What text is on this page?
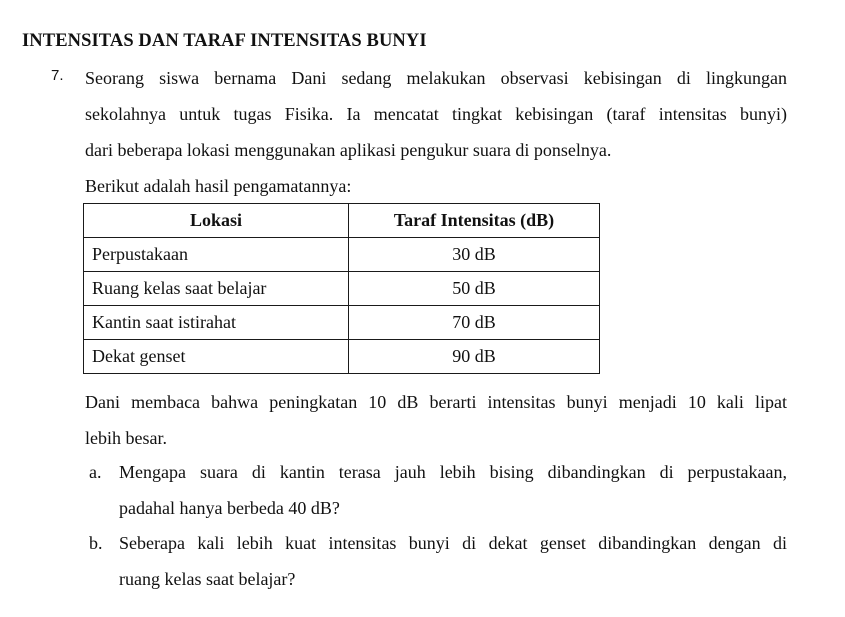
INTENSITAS DAN TARAF INTENSITAS BUNYI
7. Seorang siswa bernama Dani sedang melakukan observasi kebisingan di lingkungan
sekolahnya untuk tugas Fisika. Ia mencatat tingkat kebisingan (taraf intensitas bunyi)
dari beberapa lokasi menggunakan aplikasi pengukur suara di ponselnya.
Berikut adalah hasil pengamatannya:
Lokasi	Taraf Intensitas (dB)
Perpustakaan	30 dB
Ruang kelas saat belajar	50 dB
Kantin saat istirahat	70 dB
Dekat genset	90 dB
Dani membaca bahwa peningkatan 10 dB berarti intensitas bunyi menjadi 10 kali lipat
lebih besar.
a. Mengapa suara di kantin terasa jauh lebih bising dibandingkan di perpustakaan,
padahal hanya berbeda 40 dB?
b. Seberapa kali lebih kuat intensitas bunyi di dekat genset dibandingkan dengan di
ruang kelas saat belajar?
